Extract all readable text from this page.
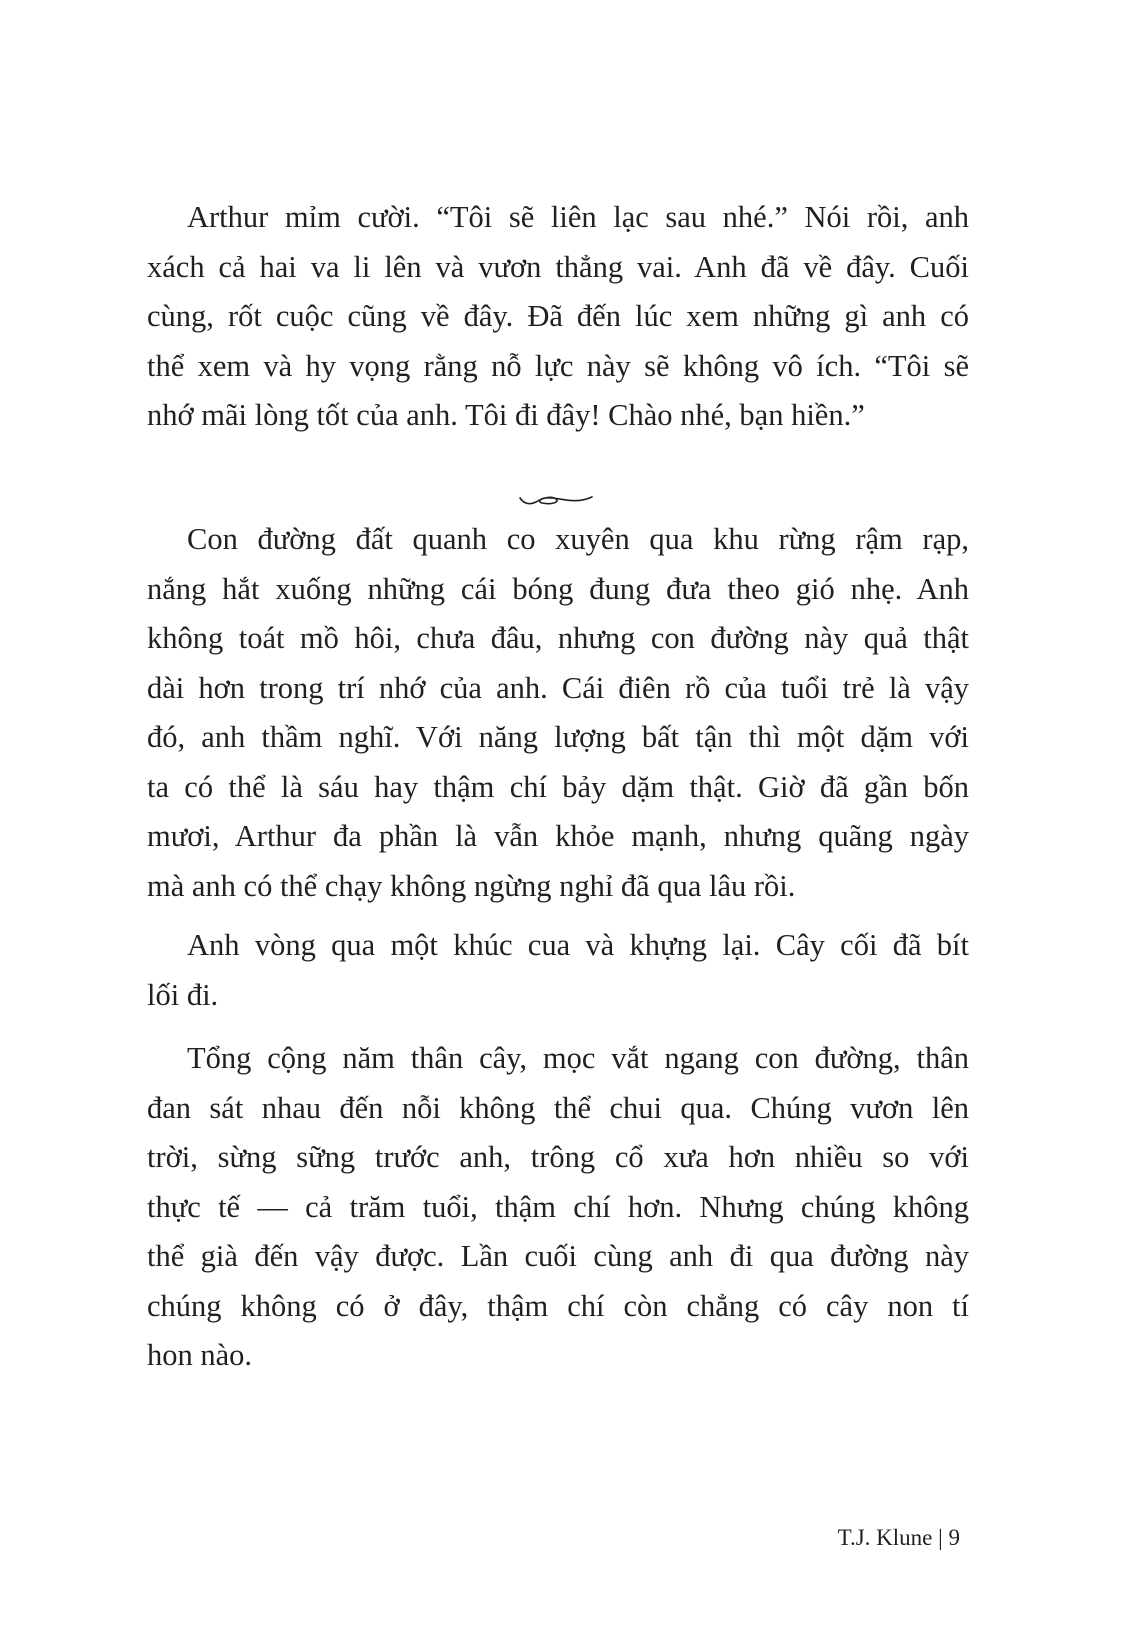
Arthur mỉm cười. “Tôi sẽ liên lạc sau nhé.” Nói rồi, anh
xách cả hai va li lên và vươn thẳng vai. Anh đã về đây. Cuối
cùng, rốt cuộc cũng về đây. Đã đến lúc xem những gì anh có
thể xem và hy vọng rằng nỗ lực này sẽ không vô ích. “Tôi sẽ
nhớ mãi lòng tốt của anh. Tôi đi đây! Chào nhé, bạn hiền.”
Con đường đất quanh co xuyên qua khu rừng rậm rạp,
nắng hắt xuống những cái bóng đung đưa theo gió nhẹ. Anh
không toát mồ hôi, chưa đâu, nhưng con đường này quả thật
dài hơn trong trí nhớ của anh. Cái điên rồ của tuổi trẻ là vậy
đó, anh thầm nghĩ. Với năng lượng bất tận thì một dặm với
ta có thể là sáu hay thậm chí bảy dặm thật. Giờ đã gần bốn
mươi, Arthur đa phần là vẫn khỏe mạnh, nhưng quãng ngày
mà anh có thể chạy không ngừng nghỉ đã qua lâu rồi.
Anh vòng qua một khúc cua và khựng lại. Cây cối đã bít
lối đi.
Tổng cộng năm thân cây, mọc vắt ngang con đường, thân
đan sát nhau đến nỗi không thể chui qua. Chúng vươn lên
trời, sừng sững trước anh, trông cổ xưa hơn nhiều so với
thực tế — cả trăm tuổi, thậm chí hơn. Nhưng chúng không
thể già đến vậy được. Lần cuối cùng anh đi qua đường này
chúng không có ở đây, thậm chí còn chẳng có cây non tí
hon nào.
T.J. Klune | 9
